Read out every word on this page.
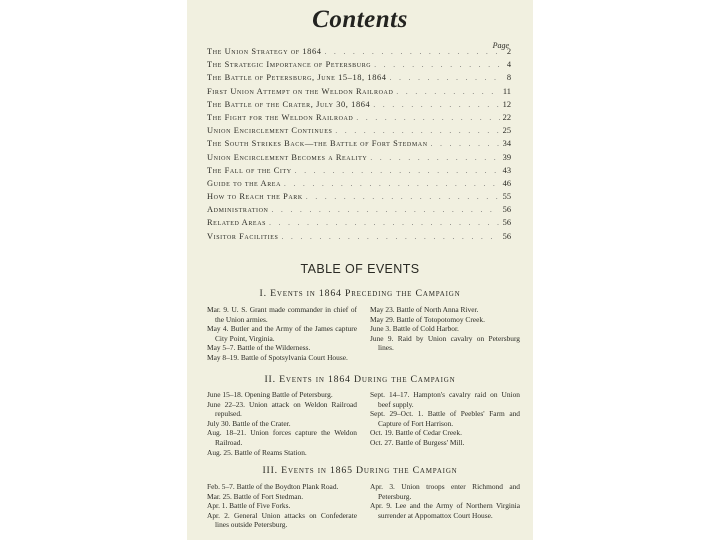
Contents
Page
The Union Strategy of 1864 . . .	2
The Strategic Importance of Petersburg . . .	4
The Battle of Petersburg, June 15–18, 1864 . . .	8
First Union Attempt on the Weldon Railroad . . .	11
The Battle of the Crater, July 30, 1864 . . .	12
The Fight for the Weldon Railroad . . .	22
Union Encirclement Continues . . .	25
The South Strikes Back—the Battle of Fort Stedman . . .	34
Union Encirclement Becomes a Reality . . .	39
The Fall of the City . . .	43
Guide to the Area . . .	46
How to Reach the Park . . .	55
Administration . . .	56
Related Areas . . .	56
Visitor Facilities . . .	56
TABLE OF EVENTS
I. Events in 1864 Preceding the Campaign
Mar. 9. U. S. Grant made commander in chief of the Union armies.
May 4. Butler and the Army of the James capture City Point, Virginia.
May 5–7. Battle of the Wilderness.
May 8–19. Battle of Spotsylvania Court House.
May 23. Battle of North Anna River.
May 29. Battle of Totopotomoy Creek.
June 3. Battle of Cold Harbor.
June 9. Raid by Union cavalry on Petersburg lines.
II. Events in 1864 During the Campaign
June 15–18. Opening Battle of Petersburg.
June 22–23. Union attack on Weldon Railroad repulsed.
July 30. Battle of the Crater.
Aug. 18–21. Union forces capture the Weldon Railroad.
Aug. 25. Battle of Reams Station.
Sept. 14–17. Hampton's cavalry raid on Union beef supply.
Sept. 29–Oct. 1. Battle of Peebles' Farm and Capture of Fort Harrison.
Oct. 19. Battle of Cedar Creek.
Oct. 27. Battle of Burgess' Mill.
III. Events in 1865 During the Campaign
Feb. 5–7. Battle of the Boydton Plank Road.
Mar. 25. Battle of Fort Stedman.
Apr. 1. Battle of Five Forks.
Apr. 2. General Union attacks on Confederate lines outside Petersburg.
Apr. 3. Union troops enter Richmond and Petersburg.
Apr. 9. Lee and the Army of Northern Virginia surrender at Appomattox Court House.
